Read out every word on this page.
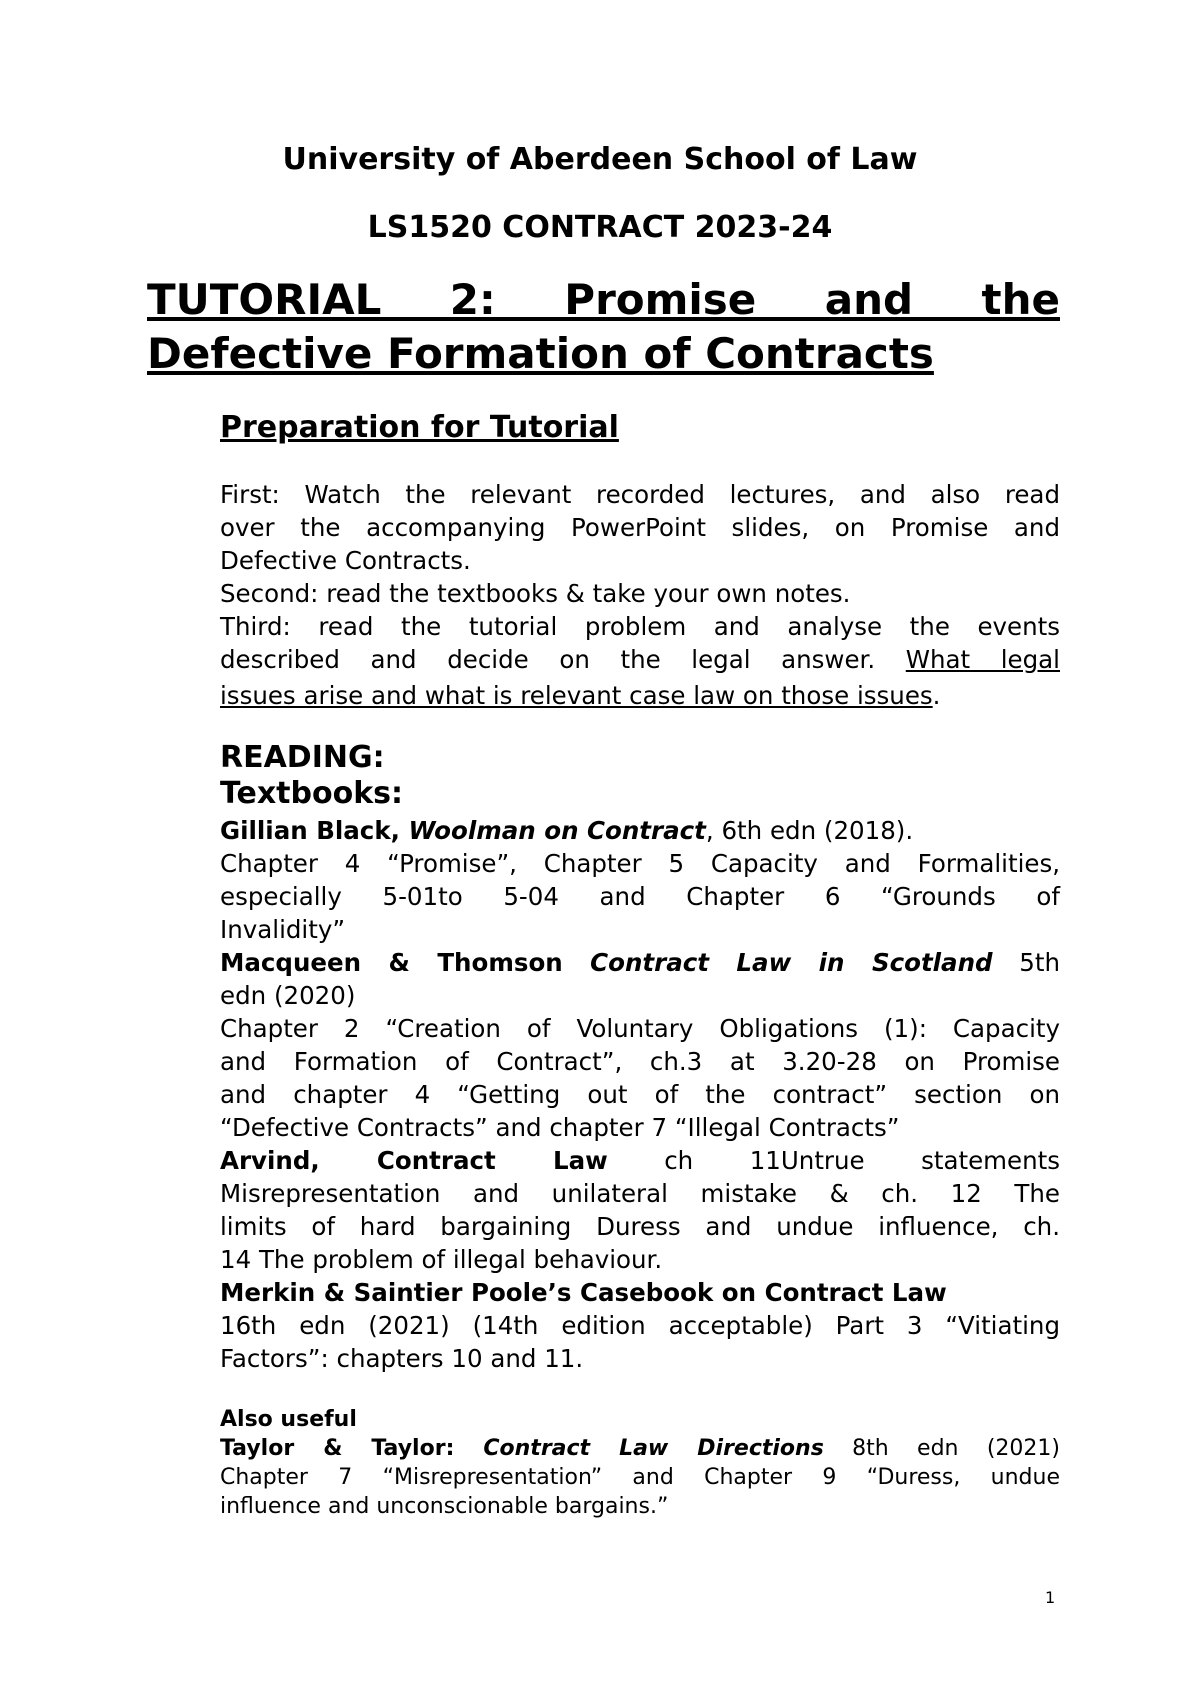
University of Aberdeen School of Law
LS1520 CONTRACT 2023-24
TUTORIAL 2: Promise and the
Defective Formation of Contracts
Preparation for Tutorial
First: Watch the relevant recorded lectures, and also read
over the accompanying PowerPoint slides, on Promise and
Defective Contracts.
Second: read the textbooks & take your own notes.
Third: read the tutorial problem and analyse the events
described and decide on the legal answer. What legal
issues arise and what is relevant case law on those issues.
READING:
Textbooks:
Gillian Black, Woolman on Contract, 6th edn (2018).
Chapter 4 “Promise”, Chapter 5 Capacity and Formalities,
especially 5-01to 5-04 and Chapter 6 “Grounds of
Invalidity”
Macqueen & Thomson Contract Law in Scotland 5th
edn (2020)
Chapter 2 “Creation of Voluntary Obligations (1): Capacity
and Formation of Contract”, ch.3 at 3.20-28 on Promise
and chapter 4 “Getting out of the contract” section on
“Defective Contracts” and chapter 7 “Illegal Contracts”
Arvind, Contract Law ch 11Untrue statements
Misrepresentation and unilateral mistake & ch. 12 The
limits of hard bargaining Duress and undue influence, ch.
14 The problem of illegal behaviour.
Merkin & Saintier Poole’s Casebook on Contract Law
16th edn (2021) (14th edition acceptable) Part 3 “Vitiating
Factors”: chapters 10 and 11.
Also useful
Taylor & Taylor: Contract Law Directions 8th edn (2021)
Chapter 7 “Misrepresentation” and Chapter 9 “Duress, undue
influence and unconscionable bargains.”
1
